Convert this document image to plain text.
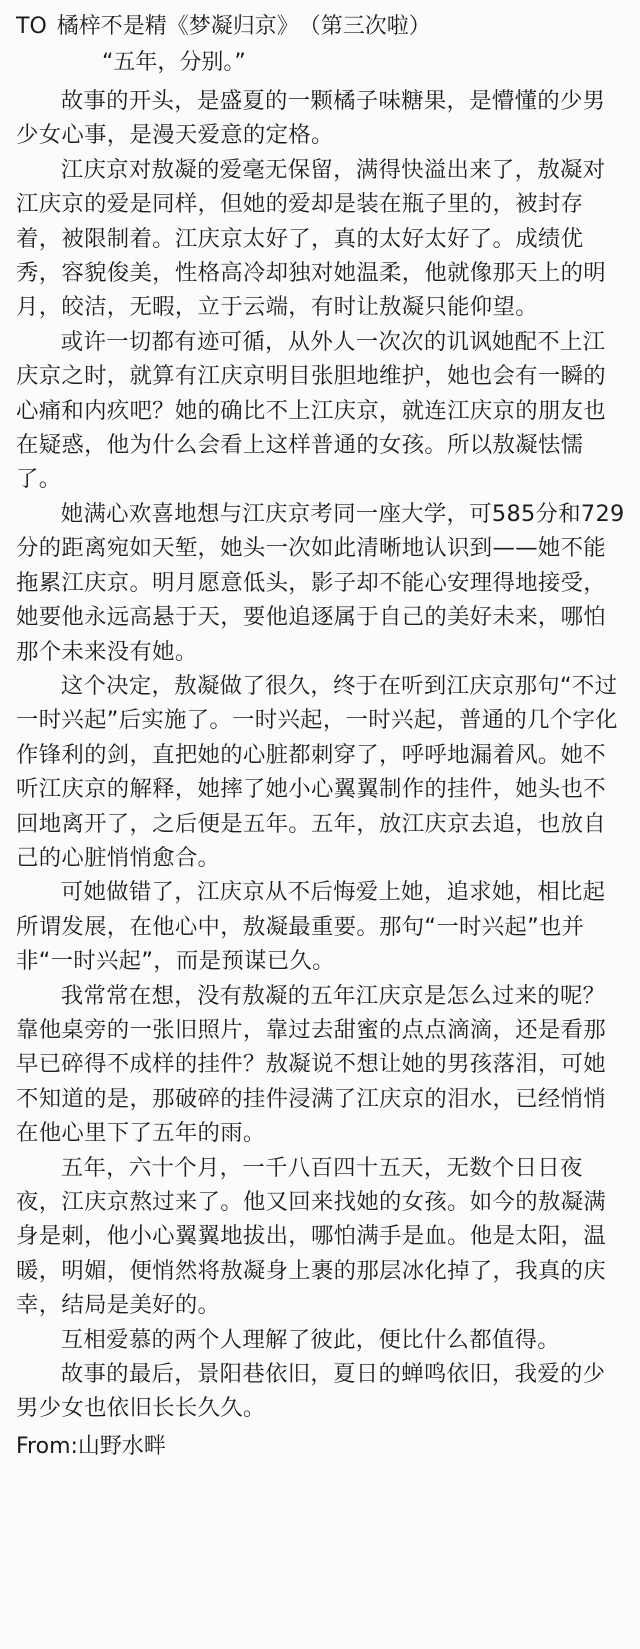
TO 橘梓不是精《梦凝归京》（第三次啦）
“五年，分别。”

故事的开头，是盛夏的一颗橘子味糖果，是懵懂的少男少女心事，是漫天爱意的定格。

江庆京对敖凝的爱毫无保留，满得快溢出来了，敖凝对江庆京的爱是同样，但她的爱却是装在瓶子里的，被封存着，被限制着。江庆京太好了，真的太好太好了。成绩优秀，容貌俊美，性格高冷却独对她温柔，他就像那天上的明月，皎洁，无暇，立于云端，有时让敖凝只能仰望。

或许一切都有迹可循，从外人一次次的讥讽她配不上江庆京之时，就算有江庆京明目张胆地维护，她也会有一瞬的心痛和内疚吧？她的确比不上江庆京，就连江庆京的朋友也在疑惑，他为什么会看上这样普通的女孩。所以敖凝怯懦了。

她满心欢喜地想与江庆京考同一座大学，可585分和729分的距离宛如天堑，她头一次如此清晰地认识到——她不能拖累江庆京。明月愿意低头，影子却不能心安理得地接受，她要他永远高悬于天，要他追逐属于自己的美好未来，哪怕那个未来没有她。

这个决定，敖凝做了很久，终于在听到江庆京那句“不过一时兴起”后实施了。一时兴起，一时兴起，普通的几个字化作锋利的剑，直把她的心脏都刺穿了，呼呼地漏着风。她不听江庆京的解释，她摔了她小心翼翼制作的挂件，她头也不回地离开了，之后便是五年。五年，放江庆京去追，也放自己的心脏悄悄愈合。

可她做错了，江庆京从不后悔爱上她，追求她，相比起所谓发展，在他心中，敖凝最重要。那句“一时兴起”也并非“一时兴起”，而是预谋已久。

我常常在想，没有敖凝的五年江庆京是怎么过来的呢？靠他桌旁的一张旧照片，靠过去甜蜜的点点滴滴，还是看那早已碎得不成样的挂件？敖凝说不想让她的男孩落泪，可她不知道的是，那破碎的挂件浸满了江庆京的泪水，已经悄悄在他心里下了五年的雨。

五年，六十个月，一千八百四十五天，无数个日日夜夜，江庆京熬过来了。他又回来找她的女孩。如今的敖凝满身是刺，他小心翼翼地拔出，哪怕满手是血。他是太阳，温暖，明媚，便悄然将敖凝身上裹的那层冰化掉了，我真的庆幸，结局是美好的。

互相爱慕的两个人理解了彼此，便比什么都值得。

故事的最后，景阳巷依旧，夏日的蝉鸣依旧，我爱的少男少女也依旧长长久久。

From:山野水畔
